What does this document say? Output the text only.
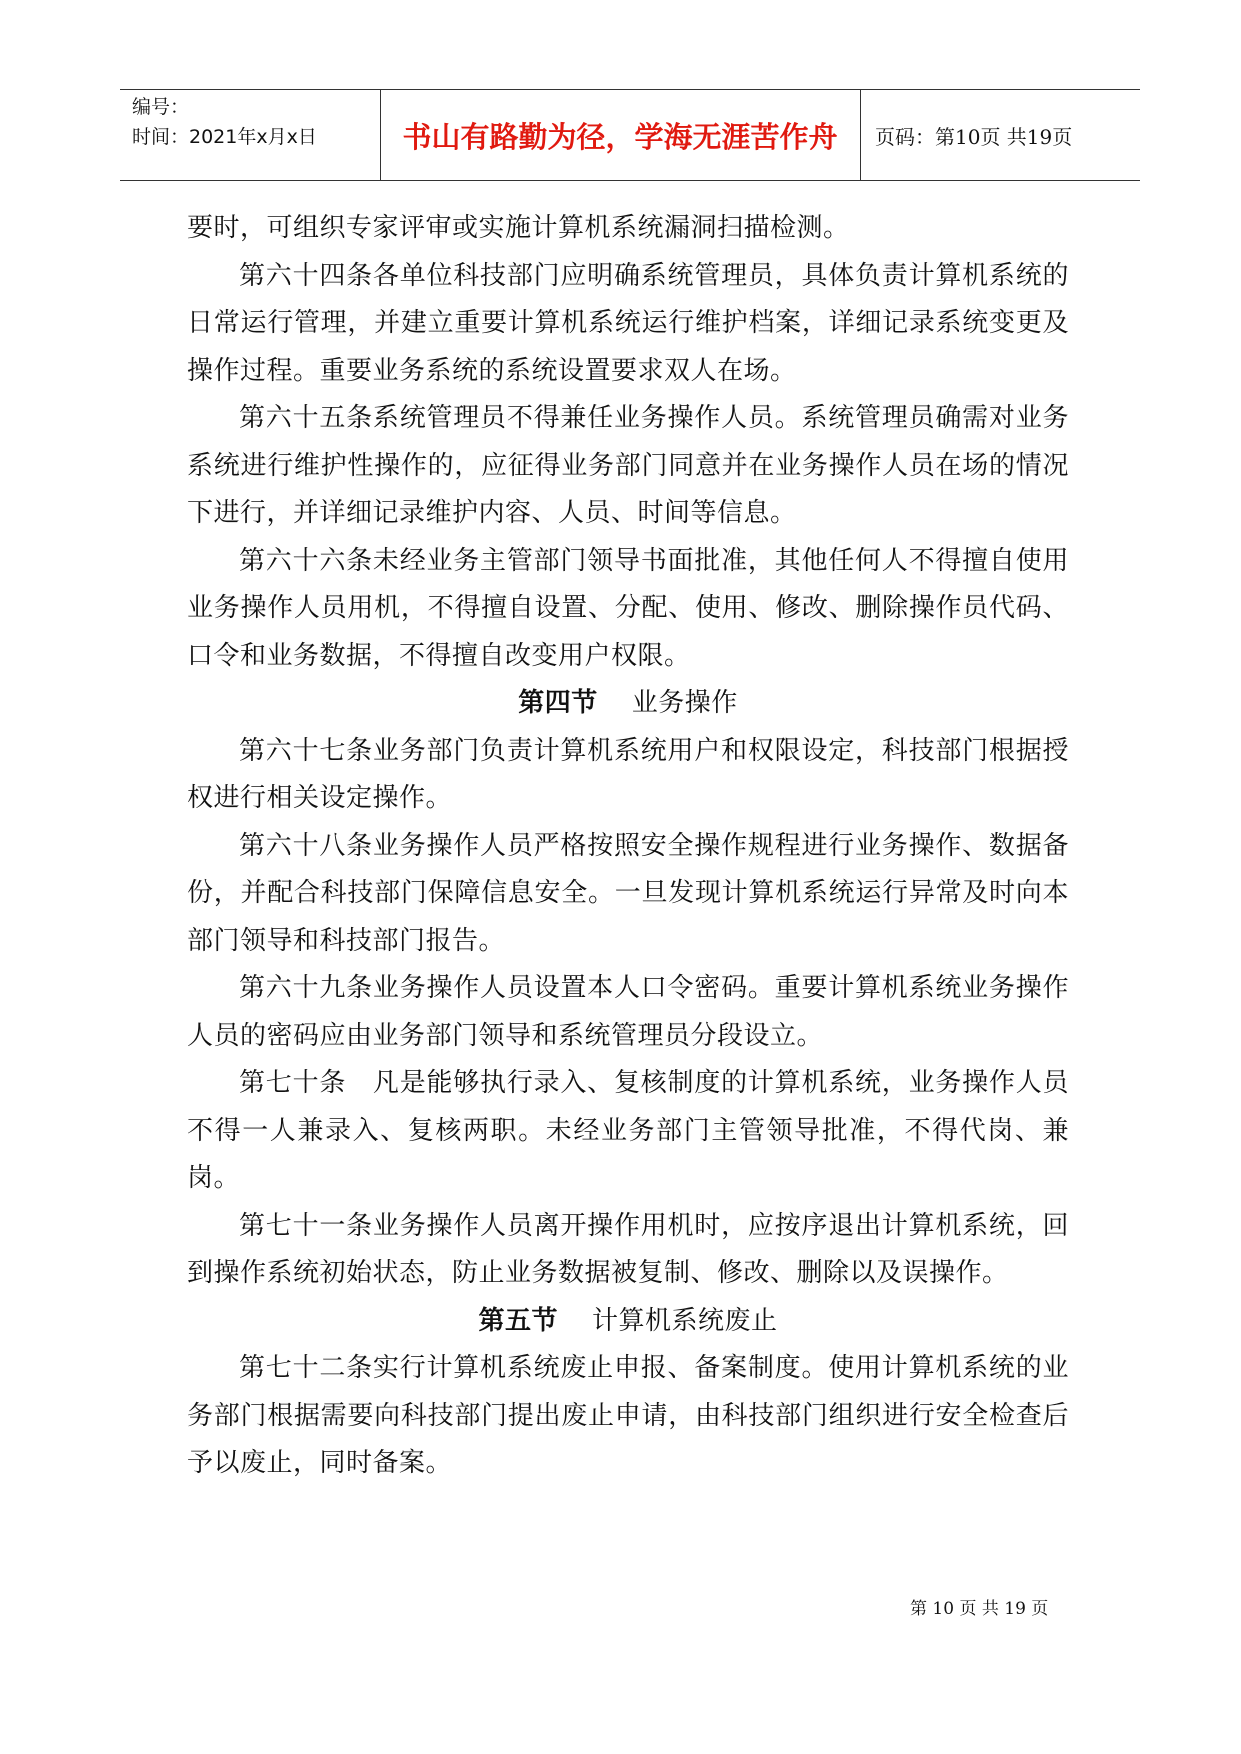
编号：
时间：2021年x月x日	书山有路勤为径，学海无涯苦作舟	页码：第10页 共19页

要时，可组织专家评审或实施计算机系统漏洞扫描检测。

第六十四条各单位科技部门应明确系统管理员，具体负责计算机系统的日常运行管理，并建立重要计算机系统运行维护档案，详细记录系统变更及操作过程。重要业务系统的系统设置要求双人在场。

第六十五条系统管理员不得兼任业务操作人员。系统管理员确需对业务系统进行维护性操作的，应征得业务部门同意并在业务操作人员在场的情况下进行，并详细记录维护内容、人员、时间等信息。

第六十六条未经业务主管部门领导书面批准，其他任何人不得擅自使用业务操作人员用机，不得擅自设置、分配、使用、修改、删除操作员代码、口令和业务数据，不得擅自改变用户权限。

第四节 业务操作

第六十七条业务部门负责计算机系统用户和权限设定，科技部门根据授权进行相关设定操作。

第六十八条业务操作人员严格按照安全操作规程进行业务操作、数据备份，并配合科技部门保障信息安全。一旦发现计算机系统运行异常及时向本部门领导和科技部门报告。

第六十九条业务操作人员设置本人口令密码。重要计算机系统业务操作人员的密码应由业务部门领导和系统管理员分段设立。

第七十条　凡是能够执行录入、复核制度的计算机系统，业务操作人员不得一人兼录入、复核两职。未经业务部门主管领导批准，不得代岗、兼岗。

第七十一条业务操作人员离开操作用机时，应按序退出计算机系统，回到操作系统初始状态，防止业务数据被复制、修改、删除以及误操作。

第五节 计算机系统废止

第七十二条实行计算机系统废止申报、备案制度。使用计算机系统的业务部门根据需要向科技部门提出废止申请，由科技部门组织进行安全检查后予以废止，同时备案。

第 10 页 共 19 页
